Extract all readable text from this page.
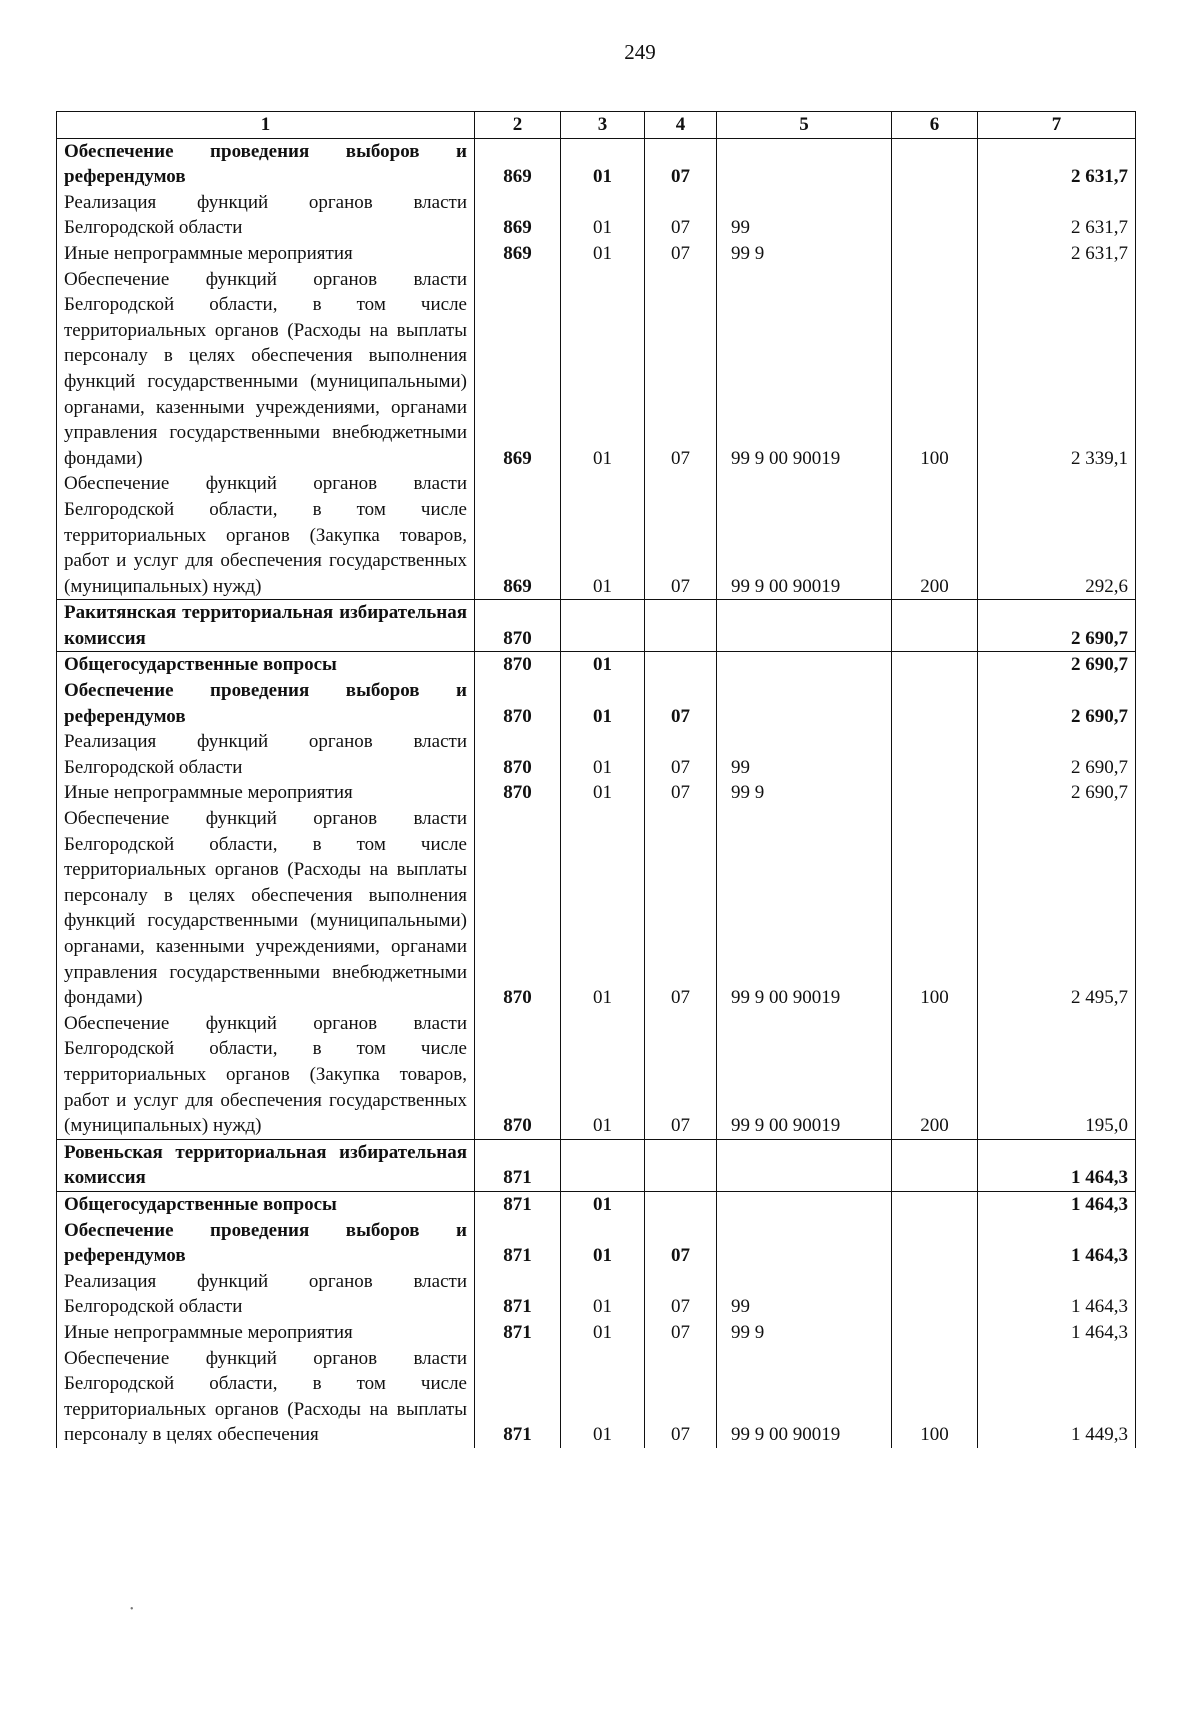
249
1	2	3	4	5	6	7
Обеспечение проведения выборов и референдумов	869	01	07			2 631,7
Реализация функций органов власти Белгородской области	869	01	07	99		2 631,7
Иные непрограммные мероприятия	869	01	07	99 9		2 631,7
Обеспечение функций органов власти Белгородской области, в том числе территориальных органов (Расходы на выплаты персоналу в целях обеспечения выполнения функций государственными (муниципальными) органами, казенными учреждениями, органами управления государственными внебюджетными фондами)	869	01	07	99 9 00 90019	100	2 339,1
Обеспечение функций органов власти Белгородской области, в том числе территориальных органов (Закупка товаров, работ и услуг для обеспечения государственных (муниципальных) нужд)	869	01	07	99 9 00 90019	200	292,6
Ракитянская территориальная избирательная комиссия	870					2 690,7
Общегосударственные вопросы	870	01				2 690,7
Обеспечение проведения выборов и референдумов	870	01	07			2 690,7
Реализация функций органов власти Белгородской области	870	01	07	99		2 690,7
Иные непрограммные мероприятия	870	01	07	99 9		2 690,7
Обеспечение функций органов власти Белгородской области, в том числе территориальных органов (Расходы на выплаты персоналу в целях обеспечения выполнения функций государственными (муниципальными) органами, казенными учреждениями, органами управления государственными внебюджетными фондами)	870	01	07	99 9 00 90019	100	2 495,7
Обеспечение функций органов власти Белгородской области, в том числе территориальных органов (Закупка товаров, работ и услуг для обеспечения государственных (муниципальных) нужд)	870	01	07	99 9 00 90019	200	195,0
Ровеньская территориальная избирательная комиссия	871					1 464,3
Общегосударственные вопросы	871	01				1 464,3
Обеспечение проведения выборов и референдумов	871	01	07			1 464,3
Реализация функций органов власти Белгородской области	871	01	07	99		1 464,3
Иные непрограммные мероприятия	871	01	07	99 9		1 464,3
Обеспечение функций органов власти Белгородской области, в том числе территориальных органов (Расходы на выплаты персоналу в целях обеспечения	871	01	07	99 9 00 90019	100	1 449,3
•
